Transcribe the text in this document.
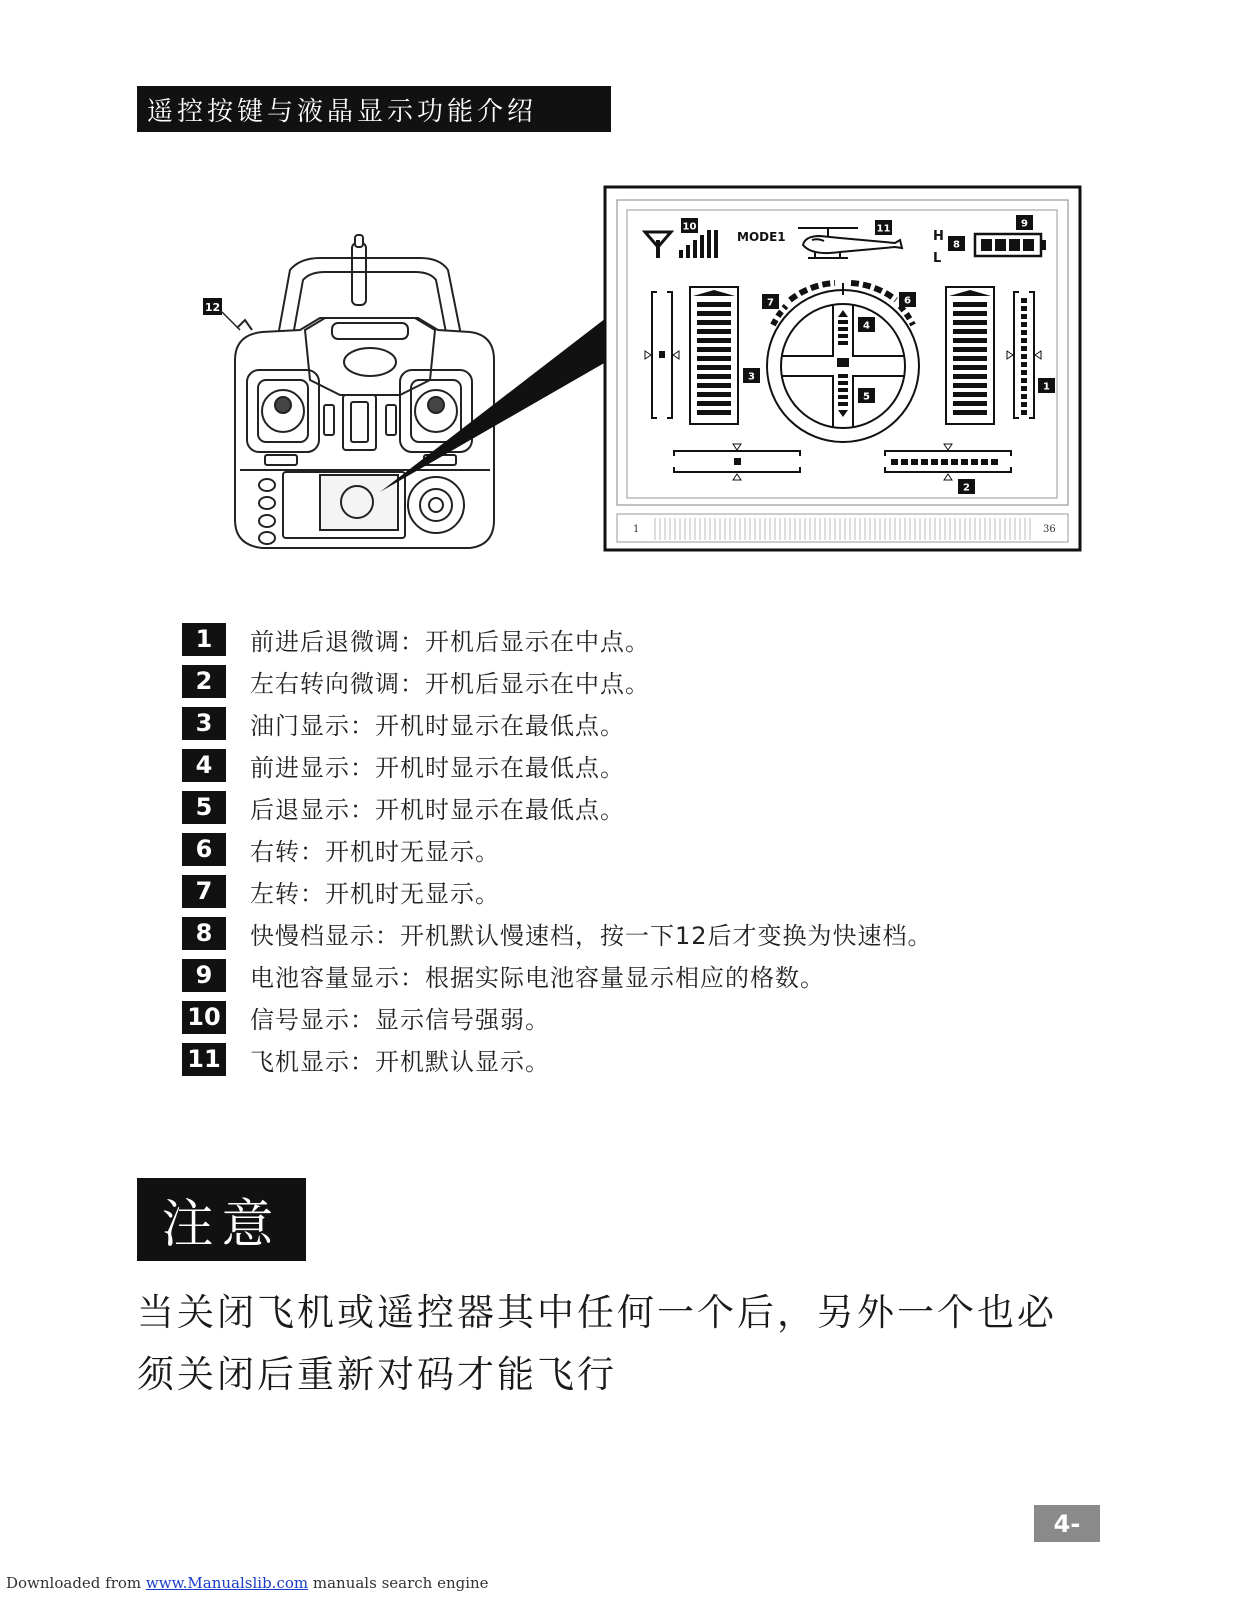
遥控按键与液晶显示功能介绍
12
1	36
10
MODE1
11	H
L
8
9
3
7	6
4
5
1
2
1	前进后退微调：开机后显示在中点。
2	左右转向微调：开机后显示在中点。
3	油门显示：开机时显示在最低点。
4	前进显示：开机时显示在最低点。
5	后退显示：开机时显示在最低点。
6	右转：开机时无显示。
7	左转：开机时无显示。
8	快慢档显示：开机默认慢速档，按一下12后才变换为快速档。
9	电池容量显示：根据实际电池容量显示相应的格数。
10 信号显示：显示信号强弱。
11 飞机显示：开机默认显示。
注意
当关闭飞机或遥控器其中任何一个后，另外一个也必
须关闭后重新对码才能飞行
4-
Downloaded from www.Manualslib.com manuals search engine
